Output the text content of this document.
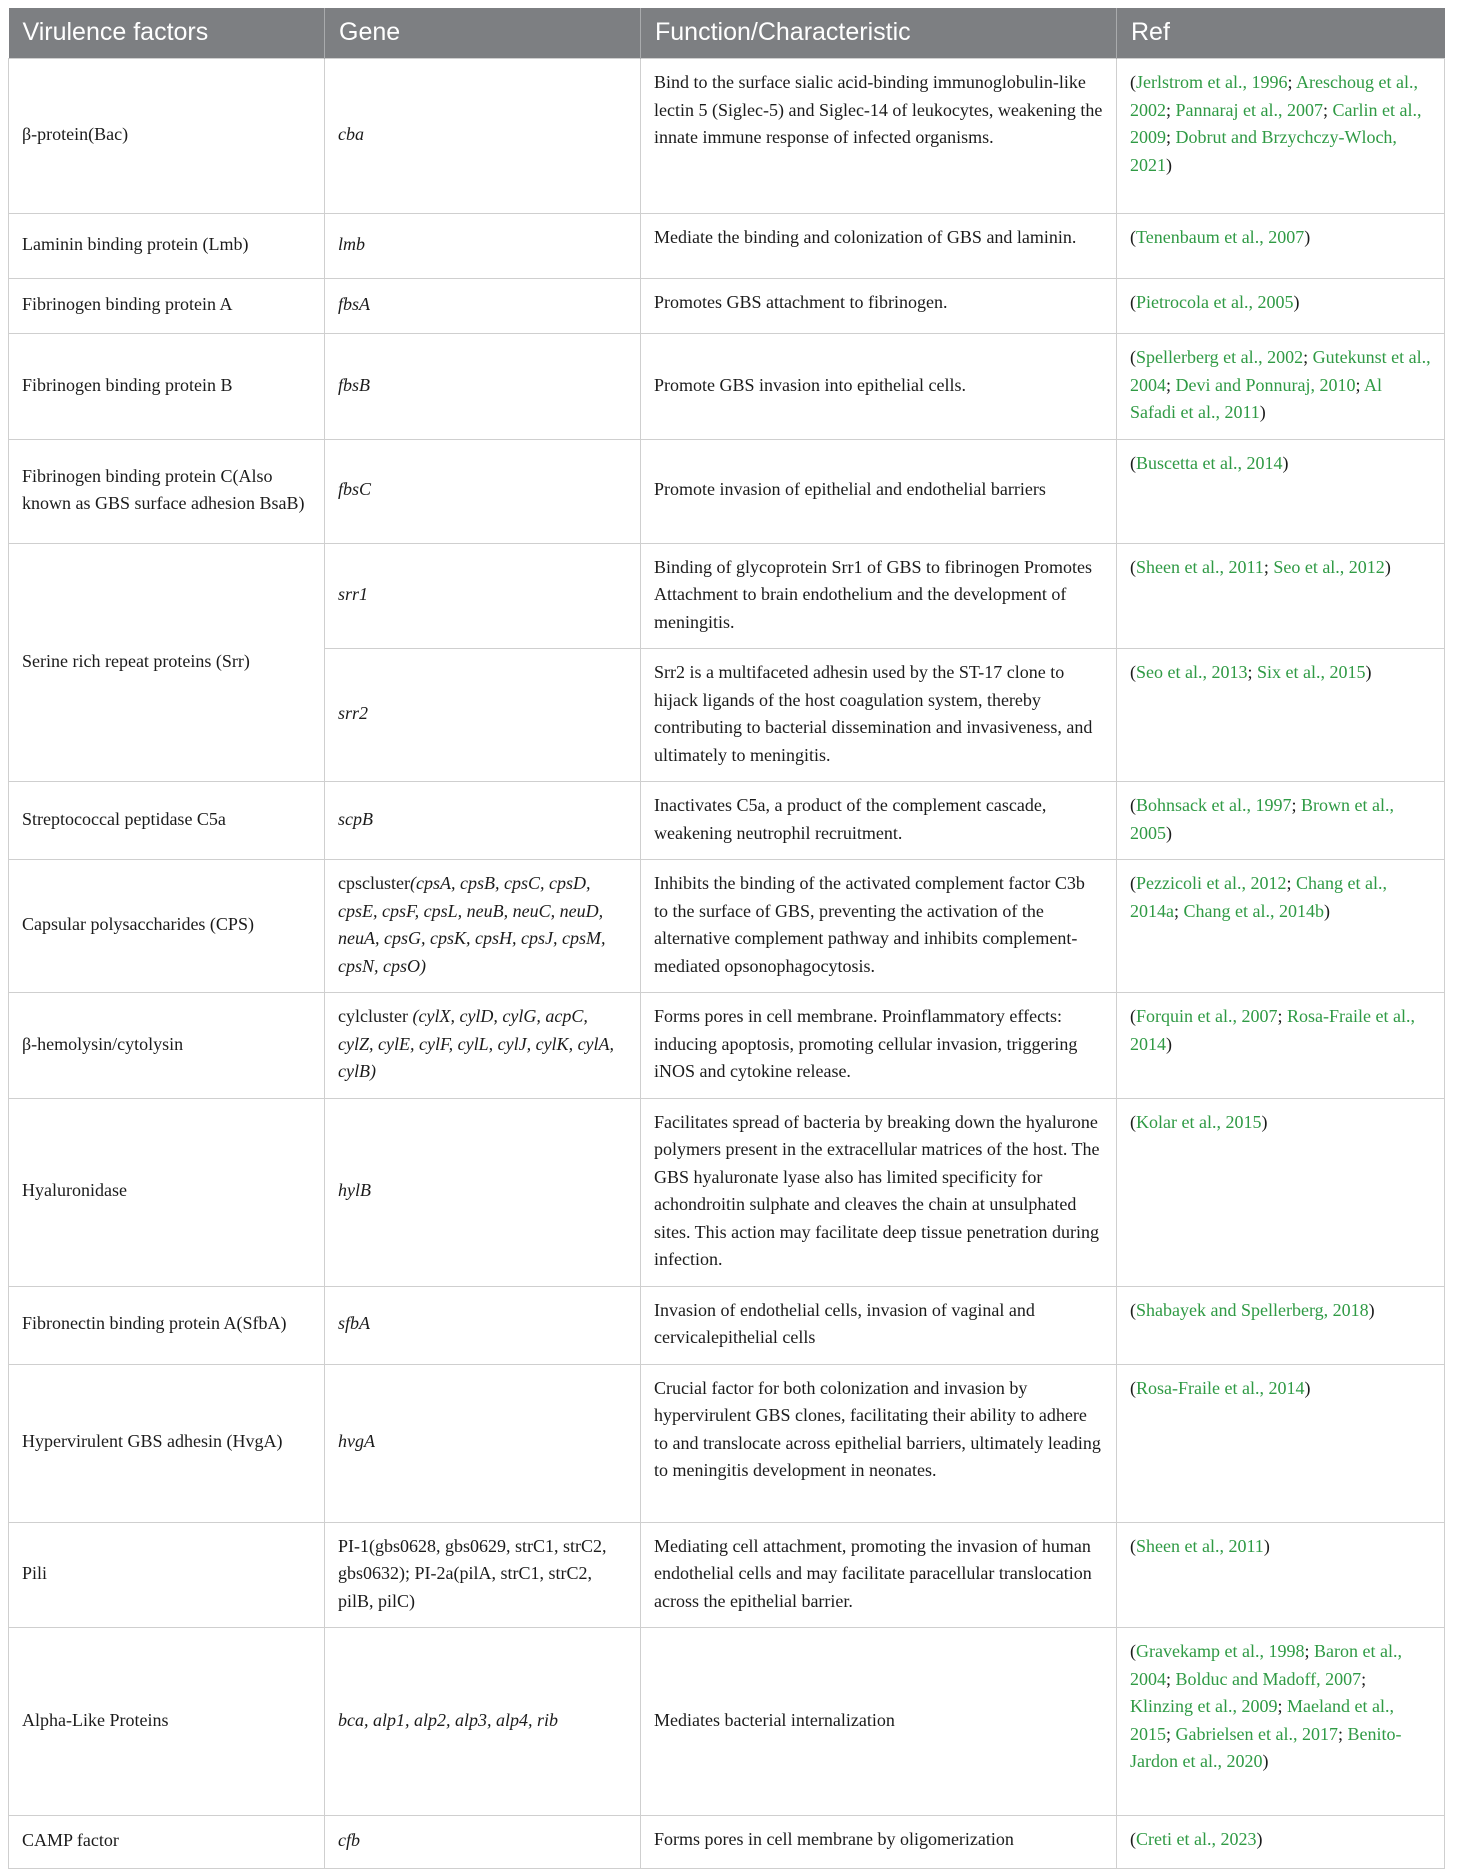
Virulence factors	Gene	Function/Characteristic	Ref
β-protein(Bac)	cba	Bind to the surface sialic acid-binding immunoglobulin-like lectin 5 (Siglec-5) and Siglec-14 of leukocytes, weakening the innate immune response of infected organisms.	(Jerlstrom et al., 1996; Areschoug et al., 2002; Pannaraj et al., 2007; Carlin et al., 2009; Dobrut and Brzychczy-Wloch, 2021)
Laminin binding protein (Lmb)	lmb	Mediate the binding and colonization of GBS and laminin.	(Tenenbaum et al., 2007)
Fibrinogen binding protein A	fbsA	Promotes GBS attachment to fibrinogen.	(Pietrocola et al., 2005)
Fibrinogen binding protein B	fbsB	Promote GBS invasion into epithelial cells.	(Spellerberg et al., 2002; Gutekunst et al., 2004; Devi and Ponnuraj, 2010; Al Safadi et al., 2011)
Fibrinogen binding protein C(Also known as GBS surface adhesion BsaB)	fbsC	Promote invasion of epithelial and endothelial barriers	(Buscetta et al., 2014)
Serine rich repeat proteins (Srr)	srr1	Binding of glycoprotein Srr1 of GBS to fibrinogen Promotes Attachment to brain endothelium and the development of meningitis.	(Sheen et al., 2011; Seo et al., 2012)
	srr2	Srr2 is a multifaceted adhesin used by the ST-17 clone to hijack ligands of the host coagulation system, thereby contributing to bacterial dissemination and invasiveness, and ultimately to meningitis.	(Seo et al., 2013; Six et al., 2015)
Streptococcal peptidase C5a	scpB	Inactivates C5a, a product of the complement cascade, weakening neutrophil recruitment.	(Bohnsack et al., 1997; Brown et al., 2005)
Capsular polysaccharides (CPS)	cpscluster(cpsA, cpsB, cpsC, cpsD, cpsE, cpsF, cpsL, neuB, neuC, neuD, neuA, cpsG, cpsK, cpsH, cpsJ, cpsM, cpsN, cpsO)	Inhibits the binding of the activated complement factor C3b to the surface of GBS, preventing the activation of the alternative complement pathway and inhibits complement-mediated opsonophagocytosis.	(Pezzicoli et al., 2012; Chang et al., 2014a; Chang et al., 2014b)
β-hemolysin/cytolysin	cylcluster (cylX, cylD, cylG, acpC, cylZ, cylE, cylF, cylL, cylJ, cylK, cylA, cylB)	Forms pores in cell membrane. Proinflammatory effects: inducing apoptosis, promoting cellular invasion, triggering iNOS and cytokine release.	(Forquin et al., 2007; Rosa-Fraile et al., 2014)
Hyaluronidase	hylB	Facilitates spread of bacteria by breaking down the hyalurone polymers present in the extracellular matrices of the host. The GBS hyaluronate lyase also has limited specificity for achondroitin sulphate and cleaves the chain at unsulphated sites. This action may facilitate deep tissue penetration during infection.	(Kolar et al., 2015)
Fibronectin binding protein A(SfbA)	sfbA	Invasion of endothelial cells, invasion of vaginal and cervicalepithelial cells	(Shabayek and Spellerberg, 2018)
Hypervirulent GBS adhesin (HvgA)	hvgA	Crucial factor for both colonization and invasion by hypervirulent GBS clones, facilitating their ability to adhere to and translocate across epithelial barriers, ultimately leading to meningitis development in neonates.	(Rosa-Fraile et al., 2014)
Pili	PI-1(gbs0628, gbs0629, strC1, strC2, gbs0632); PI-2a(pilA, strC1, strC2, pilB, pilC)	Mediating cell attachment, promoting the invasion of human endothelial cells and may facilitate paracellular translocation across the epithelial barrier.	(Sheen et al., 2011)
Alpha-Like Proteins	bca, alp1, alp2, alp3, alp4, rib	Mediates bacterial internalization	(Gravekamp et al., 1998; Baron et al., 2004; Bolduc and Madoff, 2007; Klinzing et al., 2009; Maeland et al., 2015; Gabrielsen et al., 2017; Benito-Jardon et al., 2020)
CAMP factor	cfb	Forms pores in cell membrane by oligomerization	(Creti et al., 2023)
